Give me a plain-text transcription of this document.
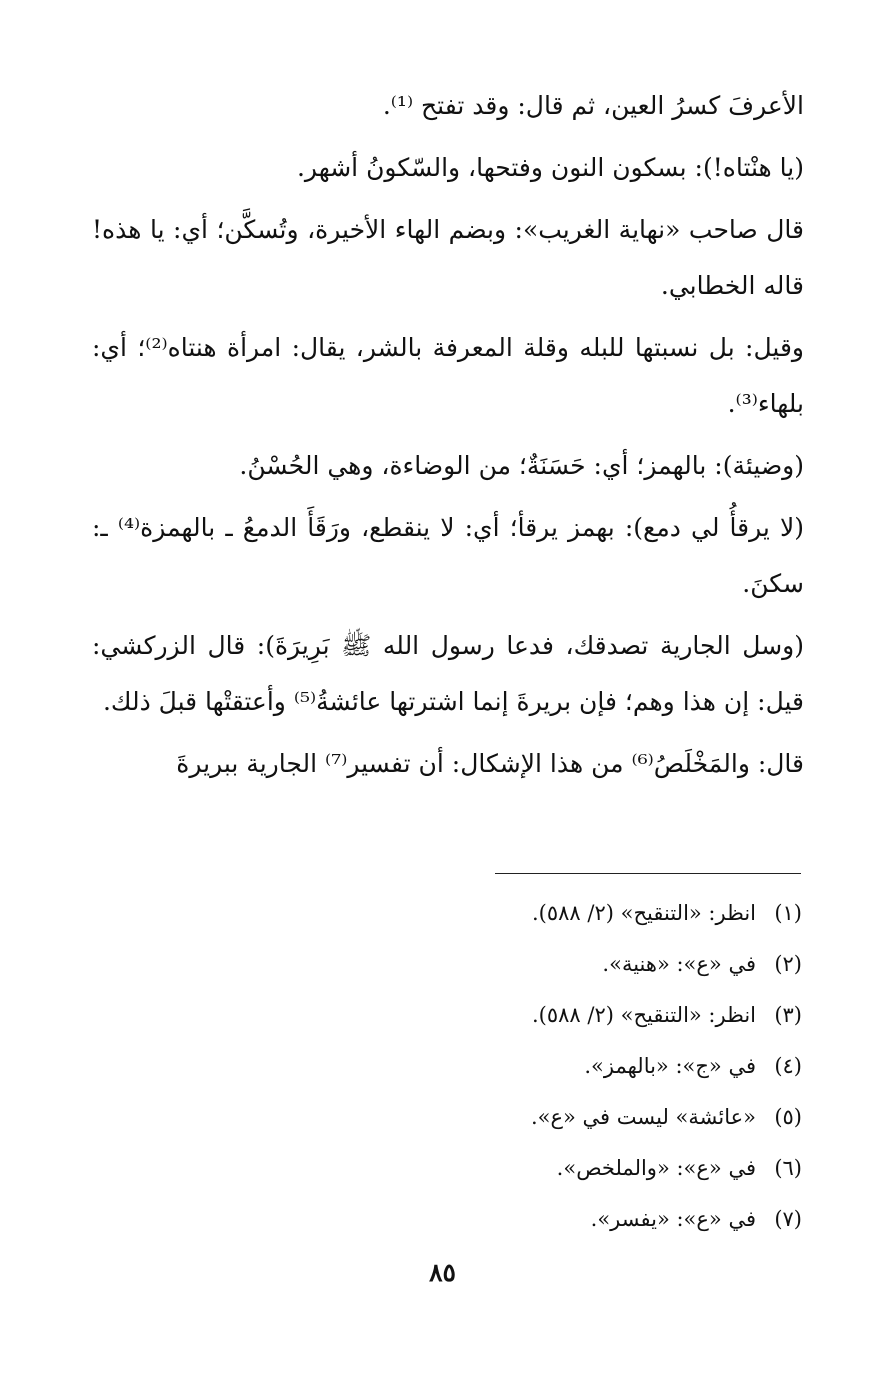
الأعرفَ كسرُ العين، ثم قال: وقد تفتح ⁽¹⁾.

(يا هنْتاه!): بسكون النون وفتحها، والسّكونُ أشهر.

قال صاحب «نهاية الغريب»: وبضم الهاء الأخيرة، وتُسكَّن؛ أي: يا هذه! قاله الخطابي.

وقيل: بل نسبتها للبله وقلة المعرفة بالشر، يقال: امرأة هنتاه⁽²⁾؛ أي: بلهاء⁽³⁾.

(وضيئة): بالهمز؛ أي: حَسَنَةٌ؛ من الوضاءة، وهي الحُسْنُ.

(لا يرقأُ لي دمع): بهمز يرقأ؛ أي: لا ينقطع، ورَقَأَ الدمعُ ـ بالهمزة⁽⁴⁾ ـ: سكنَ.

(وسل الجارية تصدقك، فدعا رسول الله ﷺ بَرِيرَةَ): قال الزركشي: قيل: إن هذا وهم؛ فإن بريرةَ إنما اشترتها عائشةُ⁽⁵⁾ وأعتقتْها قبلَ ذلك.

قال: والمَخْلَصُ⁽⁶⁾ من هذا الإشكال: أن تفسير⁽⁷⁾ الجارية ببريرةَ

(١)
انظر: «التنقيح» (٢/ ٥٨٨).
(٢)
في «ع»: «هنية».
(٣)
انظر: «التنقيح» (٢/ ٥٨٨).
(٤)
في «ج»: «بالهمز».
(٥)
«عائشة» ليست في «ع».
(٦)
في «ع»: «والملخص».
(٧)
في «ع»: «يفسر».
٨٥
